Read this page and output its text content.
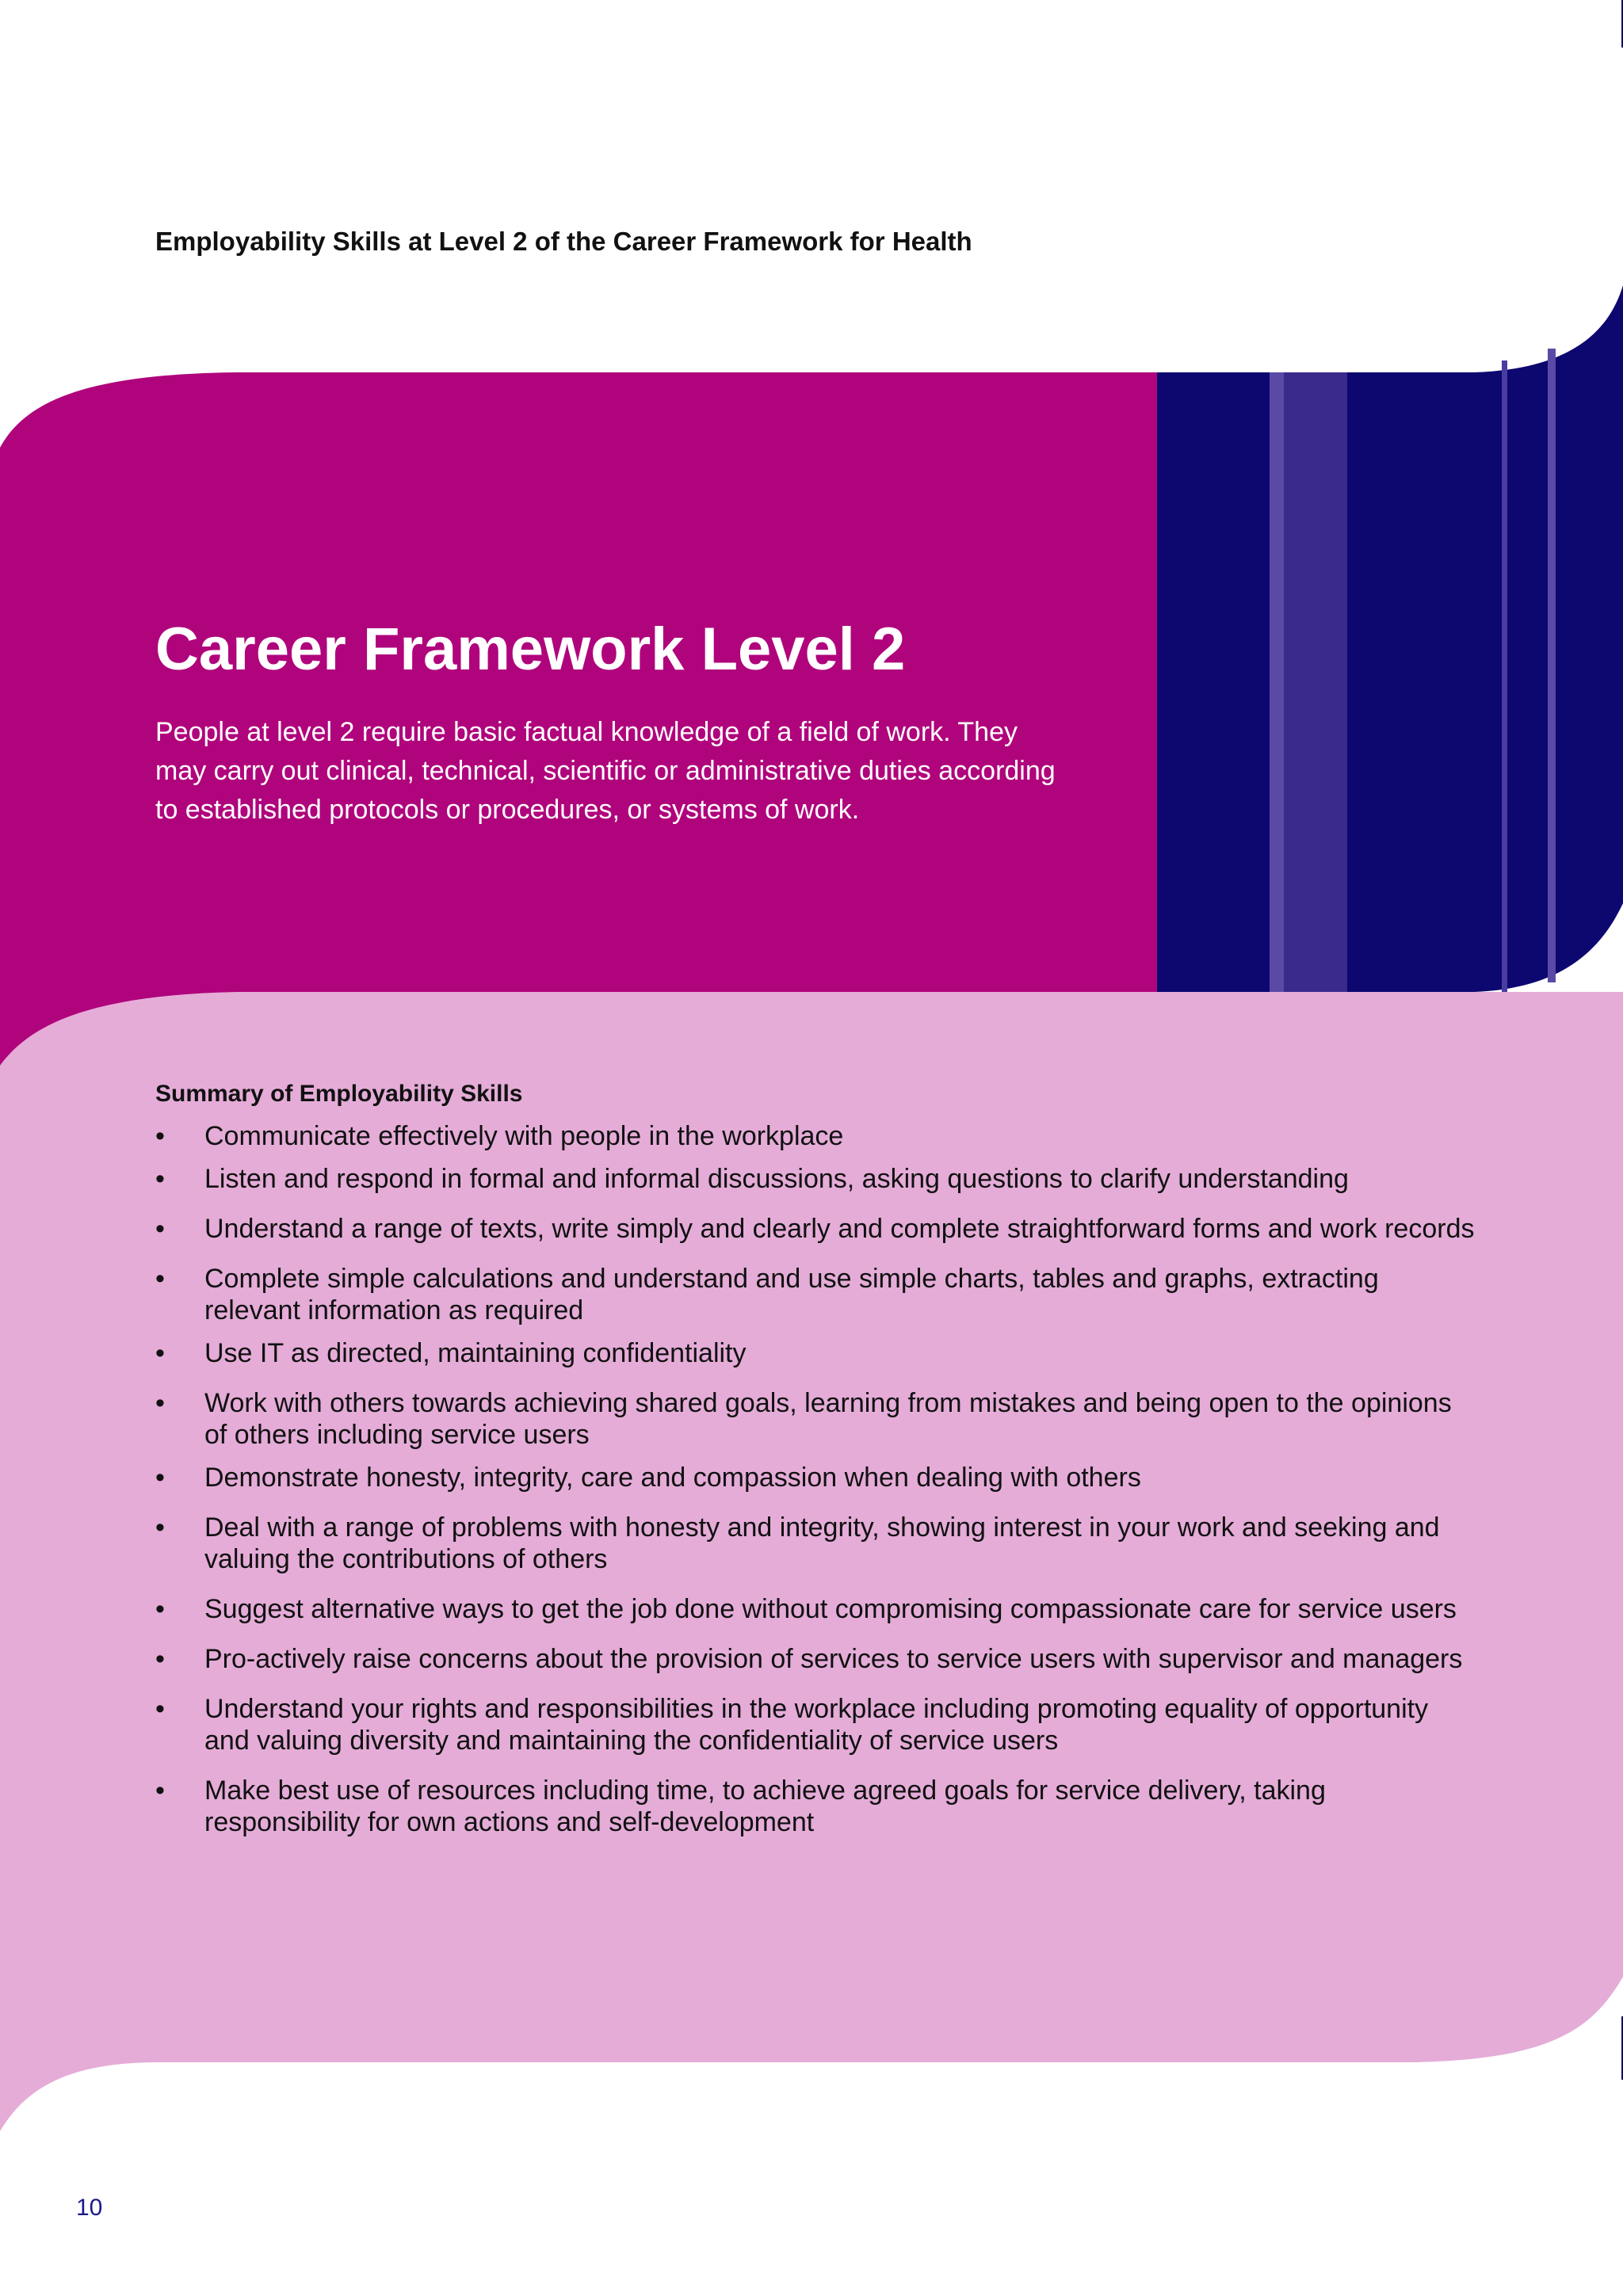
Employability Skills at Level 2 of the Career Framework for Health

Career Framework Level 2

People at level 2 require basic factual knowledge of a field of work. They may carry out clinical, technical, scientific or administrative duties according to established protocols or procedures, or systems of work.

Summary of Employability Skills
• Communicate effectively with people in the workplace
• Listen and respond in formal and informal discussions, asking questions to clarify understanding
• Understand a range of texts, write simply and clearly and complete straightforward forms and work records
• Complete simple calculations and understand and use simple charts, tables and graphs, extracting relevant information as required
• Use IT as directed, maintaining confidentiality
• Work with others towards achieving shared goals, learning from mistakes and being open to the opinions of others including service users
• Demonstrate honesty, integrity, care and compassion when dealing with others
• Deal with a range of problems with honesty and integrity, showing interest in your work and seeking and valuing the contributions of others
• Suggest alternative ways to get the job done without compromising compassionate care for service users
• Pro-actively raise concerns about the provision of services to service users with supervisor and managers
• Understand your rights and responsibilities in the workplace including promoting equality of opportunity and valuing diversity and maintaining the confidentiality of service users
• Make best use of resources including time, to achieve agreed goals for service delivery, taking responsibility for own actions and self-development

10
